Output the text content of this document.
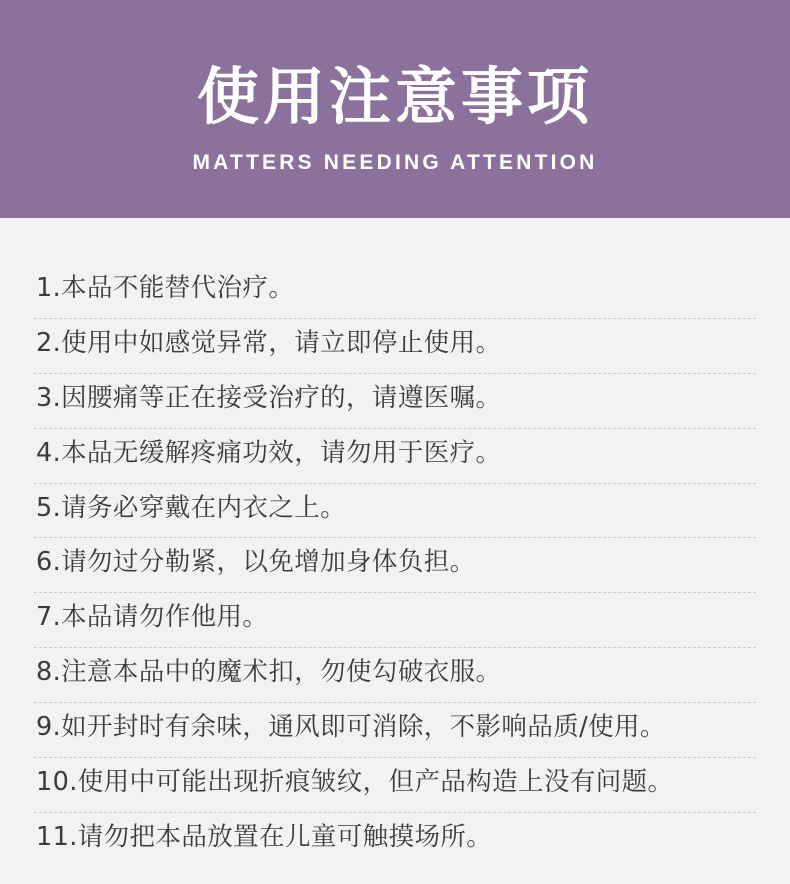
使用注意事项
MATTERS NEEDING ATTENTION
1.本品不能替代治疗。
2.使用中如感觉异常，请立即停止使用。
3.因腰痛等正在接受治疗的，请遵医嘱。
4.本品无缓解疼痛功效，请勿用于医疗。
5.请务必穿戴在内衣之上。
6.请勿过分勒紧，以免增加身体负担。
7.本品请勿作他用。
8.注意本品中的魔术扣，勿使勾破衣服。
9.如开封时有余味，通风即可消除，不影响品质/使用。
10.使用中可能出现折痕皱纹，但产品构造上没有问题。
11.请勿把本品放置在儿童可触摸场所。
